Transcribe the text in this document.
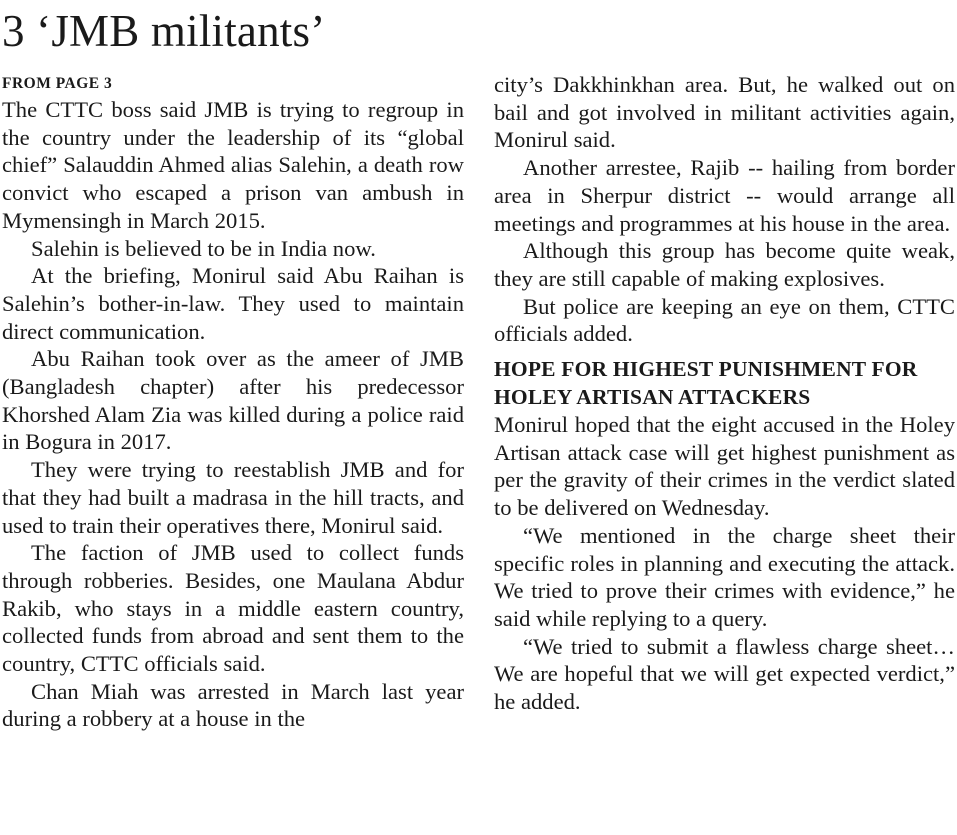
3 ‘JMB militants’
FROM PAGE 3

The CTTC boss said JMB is trying to regroup in the country under the leadership of its “global chief” Salauddin Ahmed alias Salehin, a death row convict who escaped a prison van ambush in Mymensingh in March 2015.

Salehin is believed to be in India now.

At the briefing, Monirul said Abu Raihan is Salehin’s bother-in-law. They used to maintain direct communication.

Abu Raihan took over as the ameer of JMB (Bangladesh chapter) after his predecessor Khorshed Alam Zia was killed during a police raid in Bogura in 2017.

They were trying to reestablish JMB and for that they had built a madrasa in the hill tracts, and used to train their operatives there, Monirul said.

The faction of JMB used to collect funds through robberies. Besides, one Maulana Abdur Rakib, who stays in a middle eastern country, collected funds from abroad and sent them to the country, CTTC officials said.

Chan Miah was arrested in March last year during a robbery at a house in the

city’s Dakkhinkhan area. But, he walked out on bail and got involved in militant activities again, Monirul said.

Another arrestee, Rajib -- hailing from border area in Sherpur district -- would arrange all meetings and programmes at his house in the area.

Although this group has become quite weak, they are still capable of making explosives.

But police are keeping an eye on them, CTTC officials added.

HOPE FOR HIGHEST PUNISHMENT FOR HOLEY ARTISAN ATTACKERS

Monirul hoped that the eight accused in the Holey Artisan attack case will get highest punishment as per the gravity of their crimes in the verdict slated to be delivered on Wednesday.

“We mentioned in the charge sheet their specific roles in planning and executing the attack. We tried to prove their crimes with evidence,” he said while replying to a query.

“We tried to submit a flawless charge sheet… We are hopeful that we will get expected verdict,” he added.
